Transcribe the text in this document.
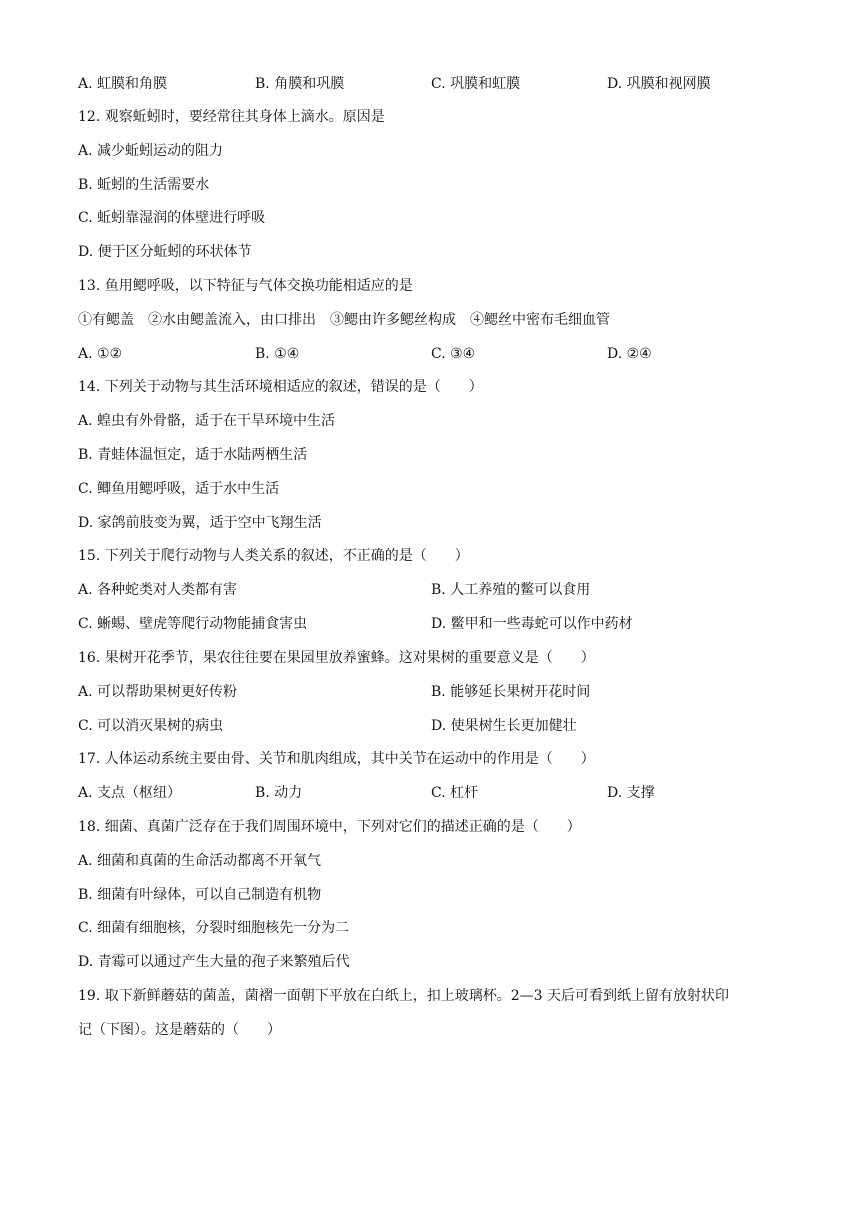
A. 虹膜和角膜	B. 角膜和巩膜	C. 巩膜和虹膜	D. 巩膜和视网膜
12. 观察蚯蚓时，要经常往其身体上滴水。原因是
A. 减少蚯蚓运动的阻力
B. 蚯蚓的生活需要水
C. 蚯蚓靠湿润的体壁进行呼吸
D. 便于区分蚯蚓的环状体节
13. 鱼用鳃呼吸，以下特征与气体交换功能相适应的是
①有鳃盖　②水由鳃盖流入，由口排出　③鳃由许多鳃丝构成　④鳃丝中密布毛细血管
A. ①②	B. ①④	C. ③④	D. ②④
14. 下列关于动物与其生活环境相适应的叙述，错误的是（　　）
A. 蝗虫有外骨骼，适于在干旱环境中生活
B. 青蛙体温恒定，适于水陆两栖生活
C. 鲫鱼用鳃呼吸，适于水中生活
D. 家鸽前肢变为翼，适于空中飞翔生活
15. 下列关于爬行动物与人类关系的叙述，不正确的是（　　）
A. 各种蛇类对人类都有害	B. 人工养殖的鳖可以食用
C. 蜥蜴、壁虎等爬行动物能捕食害虫	D. 鳖甲和一些毒蛇可以作中药材
16. 果树开花季节，果农往往要在果园里放养蜜蜂。这对果树的重要意义是（　　）
A. 可以帮助果树更好传粉	B. 能够延长果树开花时间
C. 可以消灭果树的病虫	D. 使果树生长更加健壮
17. 人体运动系统主要由骨、关节和肌肉组成，其中关节在运动中的作用是（　　）
A. 支点（枢纽）	B. 动力	C. 杠杆	D. 支撑
18. 细菌、真菌广泛存在于我们周围环境中，下列对它们的描述正确的是（　　）
A. 细菌和真菌的生命活动都离不开氧气
B. 细菌有叶绿体，可以自己制造有机物
C. 细菌有细胞核，分裂时细胞核先一分为二
D. 青霉可以通过产生大量的孢子来繁殖后代
19. 取下新鲜蘑菇的菌盖，菌褶一面朝下平放在白纸上，扣上玻璃杯。2—3 天后可看到纸上留有放射状印
记（下图）。这是蘑菇的（　　）
